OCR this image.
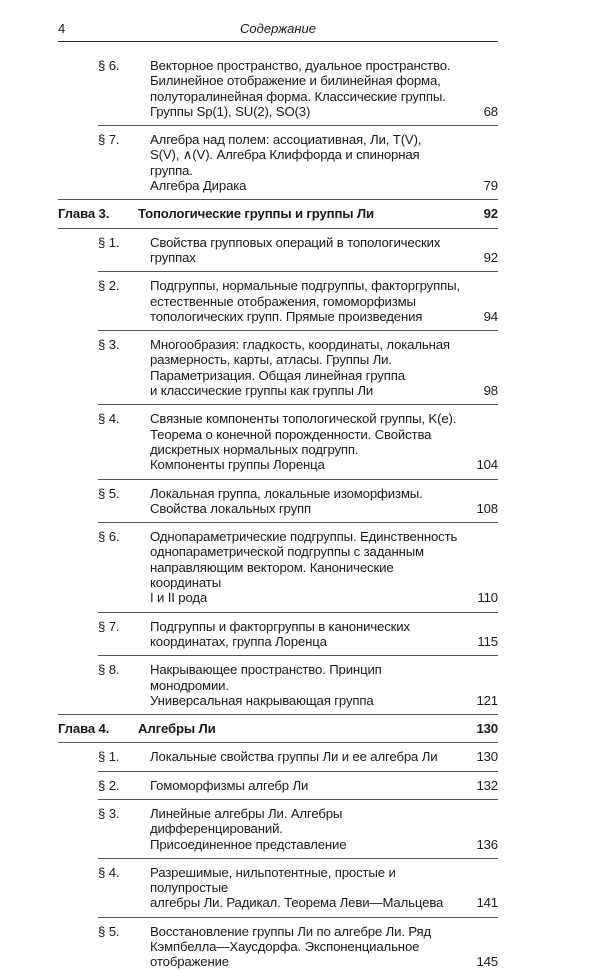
4	Содержание
§ 6.	Векторное пространство, дуальное пространство.
Билинейное отображение и билинейная форма,
полуторалинейная форма. Классические группы.
Группы Sp(1), SU(2), SO(3)	68
§ 7.	Алгебра над полем: ассоциативная, Ли, T(V),
S(V), ∧(V). Алгебра Клиффорда и спинорная группа.
Алгебра Дирака	79
Глава 3. Топологические группы и группы Ли	92
§ 1.	Свойства групповых операций в топологических группах	92
§ 2.	Подгруппы, нормальные подгруппы, факторгруппы,
естественные отображения, гомоморфизмы
топологических групп. Прямые произведения	94
§ 3.	Многообразия: гладкость, координаты, локальная
размерность, карты, атласы. Группы Ли.
Параметризация. Общая линейная группа
и классические группы как группы Ли	98
§ 4.	Связные компоненты топологической группы, K(e).
Теорема о конечной порожденности. Свойства
дискретных нормальных подгрупп.
Компоненты группы Лоренца	104
§ 5.	Локальная группа, локальные изоморфизмы.
Свойства локальных групп	108
§ 6.	Однопараметрические подгруппы. Единственность
однопараметрической подгруппы с заданным
направляющим вектором. Канонические координаты
I и II рода	110
§ 7.	Подгруппы и факторгруппы в канонических
координатах, группа Лоренца	115
§ 8.	Накрывающее пространство. Принцип монодромии.
Универсальная накрывающая группа	121
Глава 4. Алгебры Ли	130
§ 1.	Локальные свойства группы Ли и ее алгебра Ли	130
§ 2.	Гомоморфизмы алгебр Ли	132
§ 3.	Линейные алгебры Ли. Алгебры дифференцирований.
Присоединенное представление	136
§ 4.	Разрешимые, нильпотентные, простые и полупростые
алгебры Ли. Радикал. Теорема Леви—Мальцева	141
§ 5.	Восстановление группы Ли по алгебре Ли. Ряд
Кэмпбелла—Хаусдорфа. Экспоненциальное отображение	145
